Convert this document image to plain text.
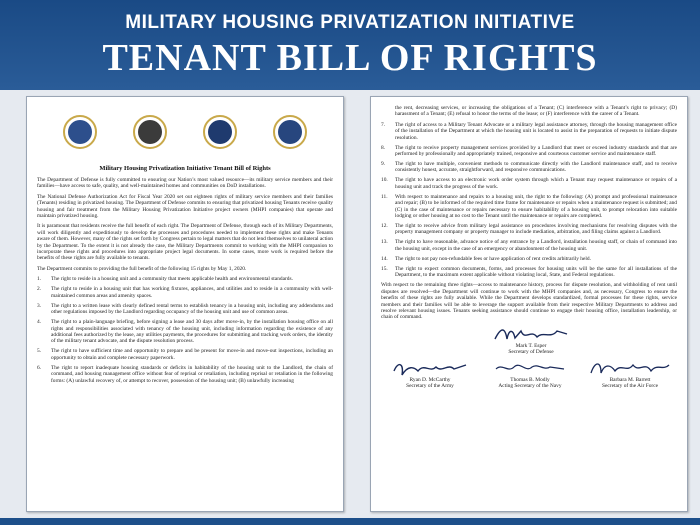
MILITARY HOUSING PRIVATIZATION INITIATIVE
TENANT BILL OF RIGHTS
Military Housing Privatization Initiative Tenant Bill of Rights

The Department of Defense is fully committed to ensuring our Nation’s most valued resource—its military service members and their families—have access to safe, quality, and well-maintained homes and communities on DoD installations.

The National Defense Authorization Act for Fiscal Year 2020 set out eighteen rights of military service members and their families (Tenants) residing in privatized housing. The Department of Defense commits to ensuring that privatized housing Tenants receive quality housing and fair treatment from the Military Housing Privatization Initiative project owners (MHPI companies) that operate and maintain privatized housing.

It is paramount that residents receive the full benefit of each right. The Department of Defense, through each of its Military Departments, will work diligently and expeditiously to develop the processes and procedures needed to implement these rights and make Tenants aware of them. However, many of the rights set forth by Congress pertain to legal matters that do not lend themselves to unilateral action by the Department. To the extent it is not already the case, the Military Departments commit to working with the MHPI companion to incorporate these rights and procedures into appropriate project legal documents. In some cases, more work is required before the benefits of these rights are fully available to tenants.

The Department commits to providing the full benefit of the following 15 rights by May 1, 2020.

1.	The right to reside in a housing unit and a community that meets applicable health and environmental standards.
2.	The right to reside in a housing unit that has working fixtures, appliances, and utilities and to reside in a community with well-maintained common areas and amenity spaces.
3.	The right to a written lease with clearly defined rental terms to establish tenancy in a housing unit, including any addendums and other regulations imposed by the Landlord regarding occupancy of the housing unit and use of common areas.
4.	The right to a plain-language briefing, before signing a lease and 30 days after move-in, by the installation housing office on all rights and responsibilities associated with tenancy of the housing unit, including information regarding the existence of any additional fees authorized by the lease, any utilities payments, the procedures for submitting and tracking work orders, the identity of the military tenant advocate, and the dispute resolution process.
5.	The right to have sufficient time and opportunity to prepare and be present for move-in and move-out inspections, including an opportunity to obtain and complete necessary paperwork.
6.	The right to report inadequate housing standards or deficits in habitability of the housing unit to the Landlord, the chain of command, and housing management office without fear of reprisal or retaliation, including reprisal or retaliation in the following forms: (A) unlawful recovery of, or attempt to recover, possession of the housing unit; (B) unlawfully increasing

the rent, decreasing services, or increasing the obligations of a Tenant; (C) interference with a Tenant’s right to privacy; (D) harassment of a Tenant; (E) refusal to honor the terms of the lease; or (F) interference with the career of a Tenant.

7.	The right of access to a Military Tenant Advocate or a military legal assistance attorney, through the housing management office of the installation of the Department at which the housing unit is located to assist in the preparation of requests to initiate dispute resolution.
8.	The right to receive property management services provided by a Landlord that meet or exceed industry standards and that are performed by professionally and appropriately trained, responsive and courteous customer service and maintenance staff.
9.	The right to have multiple, convenient methods to communicate directly with the Landlord maintenance staff, and to receive consistently honest, accurate, straightforward, and responsive communications.
10.	The right to have access to an electronic work order system through which a Tenant may request maintenance or repairs of a housing unit and track the progress of the work.
11.	With respect to maintenance and repairs to a housing unit, the right to the following: (A) prompt and professional maintenance and repair; (B) to be informed of the required time frame for maintenance or repairs when a maintenance request is submitted; and (C) in the case of maintenance or repairs necessary to ensure habitability of a housing unit, to prompt relocation into suitable lodging or other housing at no cost to the Tenant until the maintenance or repairs are completed.
12.	The right to receive advice from military legal assistance on procedures involving mechanisms for resolving disputes with the property management company or property manager to include mediation, arbitration, and filing claims against a Landlord.
13.	The right to have reasonable, advance notice of any entrance by a Landlord, installation housing staff, or chain of command into the housing unit, except in the case of an emergency or abandonment of the housing unit.
14.	The right to not pay non-refundable fees or have application of rent credits arbitrarily held.
15.	The right to expect common documents, forms, and processes for housing units will be the same for all installations of the Department, to the maximum extent applicable without violating local, State, and Federal regulations.

With respect to the remaining three rights—access to maintenance history, process for dispute resolution, and withholding of rent until disputes are resolved—the Department will continue to work with the MHPI companies and, as necessary, Congress to ensure the benefits of these rights are fully available. While the Department develops standardized, formal processes for these rights, service members and their families will be able to leverage the support available from their respective Military Departments to address and resolve relevant housing issues. Tenants seeking assistance should continue to engage their housing office, installation leadership, or chain of command.

Mark T. Esper
Secretary of Defense
Ryan D. McCarthy
Secretary of the Army
Thomas B. Modly
Acting Secretary of the Navy
Barbara M. Barrett
Secretary of the Air Force
